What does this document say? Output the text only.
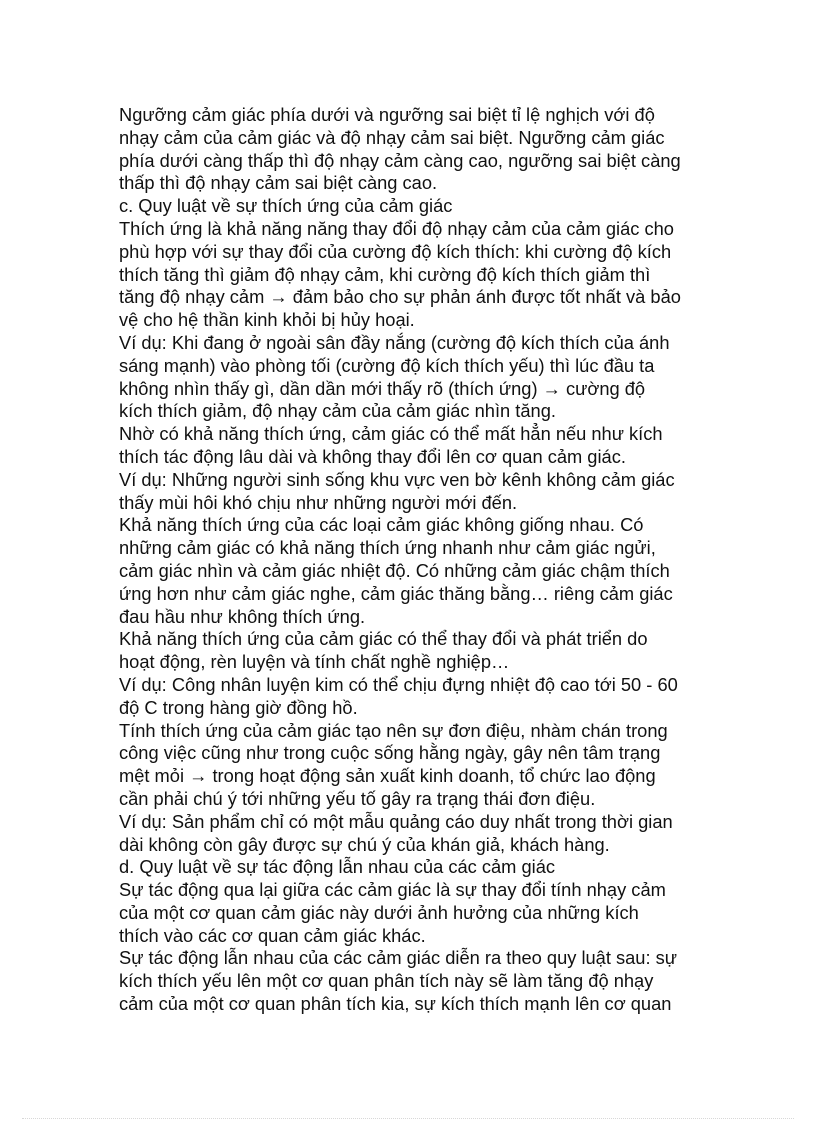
Ngưỡng cảm giác phía dưới và ngưỡng sai biệt tỉ lệ nghịch với độ
nhạy cảm của cảm giác và độ nhạy cảm sai biệt. Ngưỡng cảm giác
phía dưới càng thấp thì độ nhạy cảm càng cao, ngưỡng sai biệt càng
thấp thì độ nhạy cảm sai biệt càng cao.
c. Quy luật về sự thích ứng của cảm giác
Thích ứng là khả năng năng thay đổi độ nhạy cảm của cảm giác cho
phù hợp với sự thay đổi của cường độ kích thích: khi cường độ kích
thích tăng thì giảm độ nhạy cảm, khi cường độ kích thích giảm thì
tăng độ nhạy cảm → đảm bảo cho sự phản ánh được tốt nhất và bảo
vệ cho hệ thần kinh khỏi bị hủy hoại.
Ví dụ: Khi đang ở ngoài sân đầy nắng (cường độ kích thích của ánh
sáng mạnh) vào phòng tối (cường độ kích thích yếu) thì lúc đầu ta
không nhìn thấy gì, dần dần mới thấy rõ (thích ứng) → cường độ
kích thích giảm, độ nhạy cảm của cảm giác nhìn tăng.
Nhờ có khả năng thích ứng, cảm giác có thể mất hẳn nếu như kích
thích tác động lâu dài và không thay đổi lên cơ quan cảm giác.
Ví dụ: Những người sinh sống khu vực ven bờ kênh không cảm giác
thấy mùi hôi khó chịu như những người mới đến.
Khả năng thích ứng của các loại cảm giác không giống nhau. Có
những cảm giác có khả năng thích ứng nhanh như cảm giác ngửi,
cảm giác nhìn và cảm giác nhiệt độ. Có những cảm giác chậm thích
ứng hơn như cảm giác nghe, cảm giác thăng bằng… riêng cảm giác
đau hầu như không thích ứng.
Khả năng thích ứng của cảm giác có thể thay đổi và phát triển do
hoạt động, rèn luyện và tính chất nghề nghiệp…
Ví dụ: Công nhân luyện kim có thể chịu đựng nhiệt độ cao tới 50 - 60
độ C trong hàng giờ đồng hồ.
Tính thích ứng của cảm giác tạo nên sự đơn điệu, nhàm chán trong
công việc cũng như trong cuộc sống hằng ngày, gây nên tâm trạng
mệt mỏi → trong hoạt động sản xuất kinh doanh, tổ chức lao động
cần phải chú ý tới những yếu tố gây ra trạng thái đơn điệu.
Ví dụ: Sản phẩm chỉ có một mẫu quảng cáo duy nhất trong thời gian
dài không còn gây được sự chú ý của khán giả, khách hàng.
d. Quy luật về sự tác động lẫn nhau của các cảm giác
Sự tác động qua lại giữa các cảm giác là sự thay đổi tính nhạy cảm
của một cơ quan cảm giác này dưới ảnh hưởng của những kích
thích vào các cơ quan cảm giác khác.
Sự tác động lẫn nhau của các cảm giác diễn ra theo quy luật sau: sự
kích thích yếu lên một cơ quan phân tích này sẽ làm tăng độ nhạy
cảm của một cơ quan phân tích kia, sự kích thích mạnh lên cơ quan
